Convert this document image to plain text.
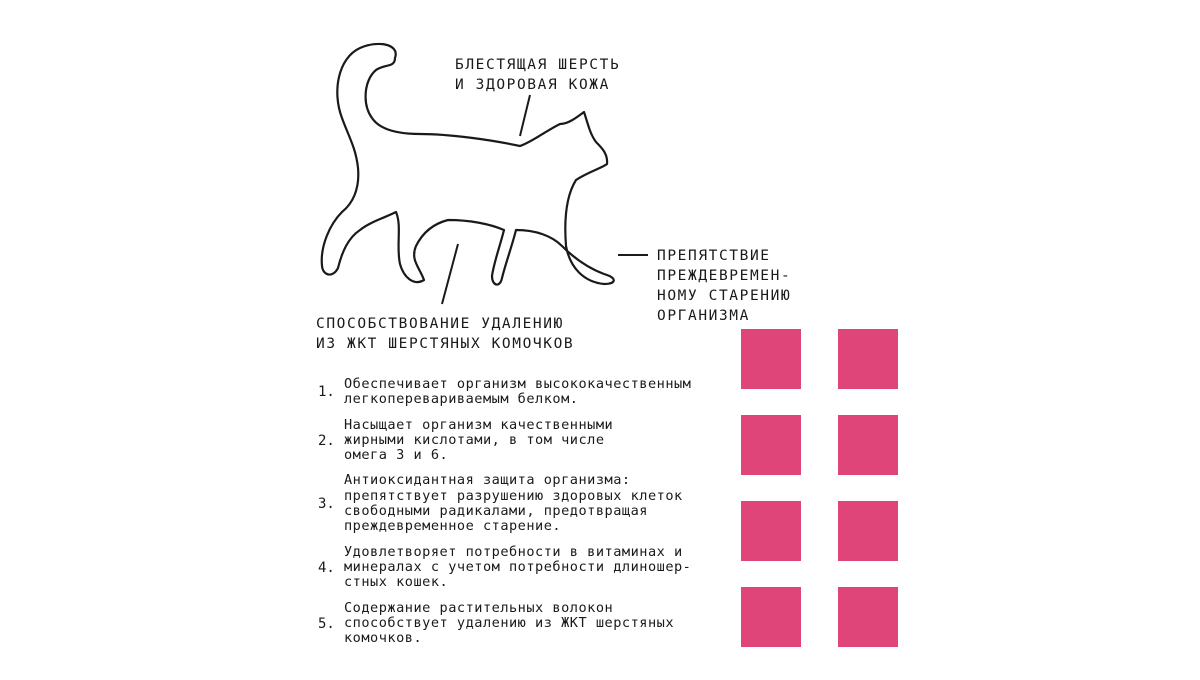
БЛЕСТЯЩАЯ ШЕРСТЬ
И ЗДОРОВАЯ КОЖА
ПРЕПЯТСТВИЕ
ПРЕЖДЕВРЕМЕН-
НОМУ СТАРЕНИЮ
ОРГАНИЗМА
СПОСОБСТВОВАНИЕ УДАЛЕНИЮ
ИЗ ЖКТ ШЕРСТЯНЫХ КОМОЧКОВ
1.
Обеспечивает организм высококачественным
легкоперевариваемым белком.
2.
Насыщает организм качественными
жирными кислотами, в том числе
омега 3 и 6.
3.
Антиоксидантная защита организма:
препятствует разрушению здоровых клеток
свободными радикалами, предотвращая
преждевременное старение.
4.
Удовлетворяет потребности в витаминах и
минералах с учетом потребности длиношер-
стных кошек.
5.
Содержание растительных волокон
способствует удалению из ЖКТ шерстяных
комочков.
